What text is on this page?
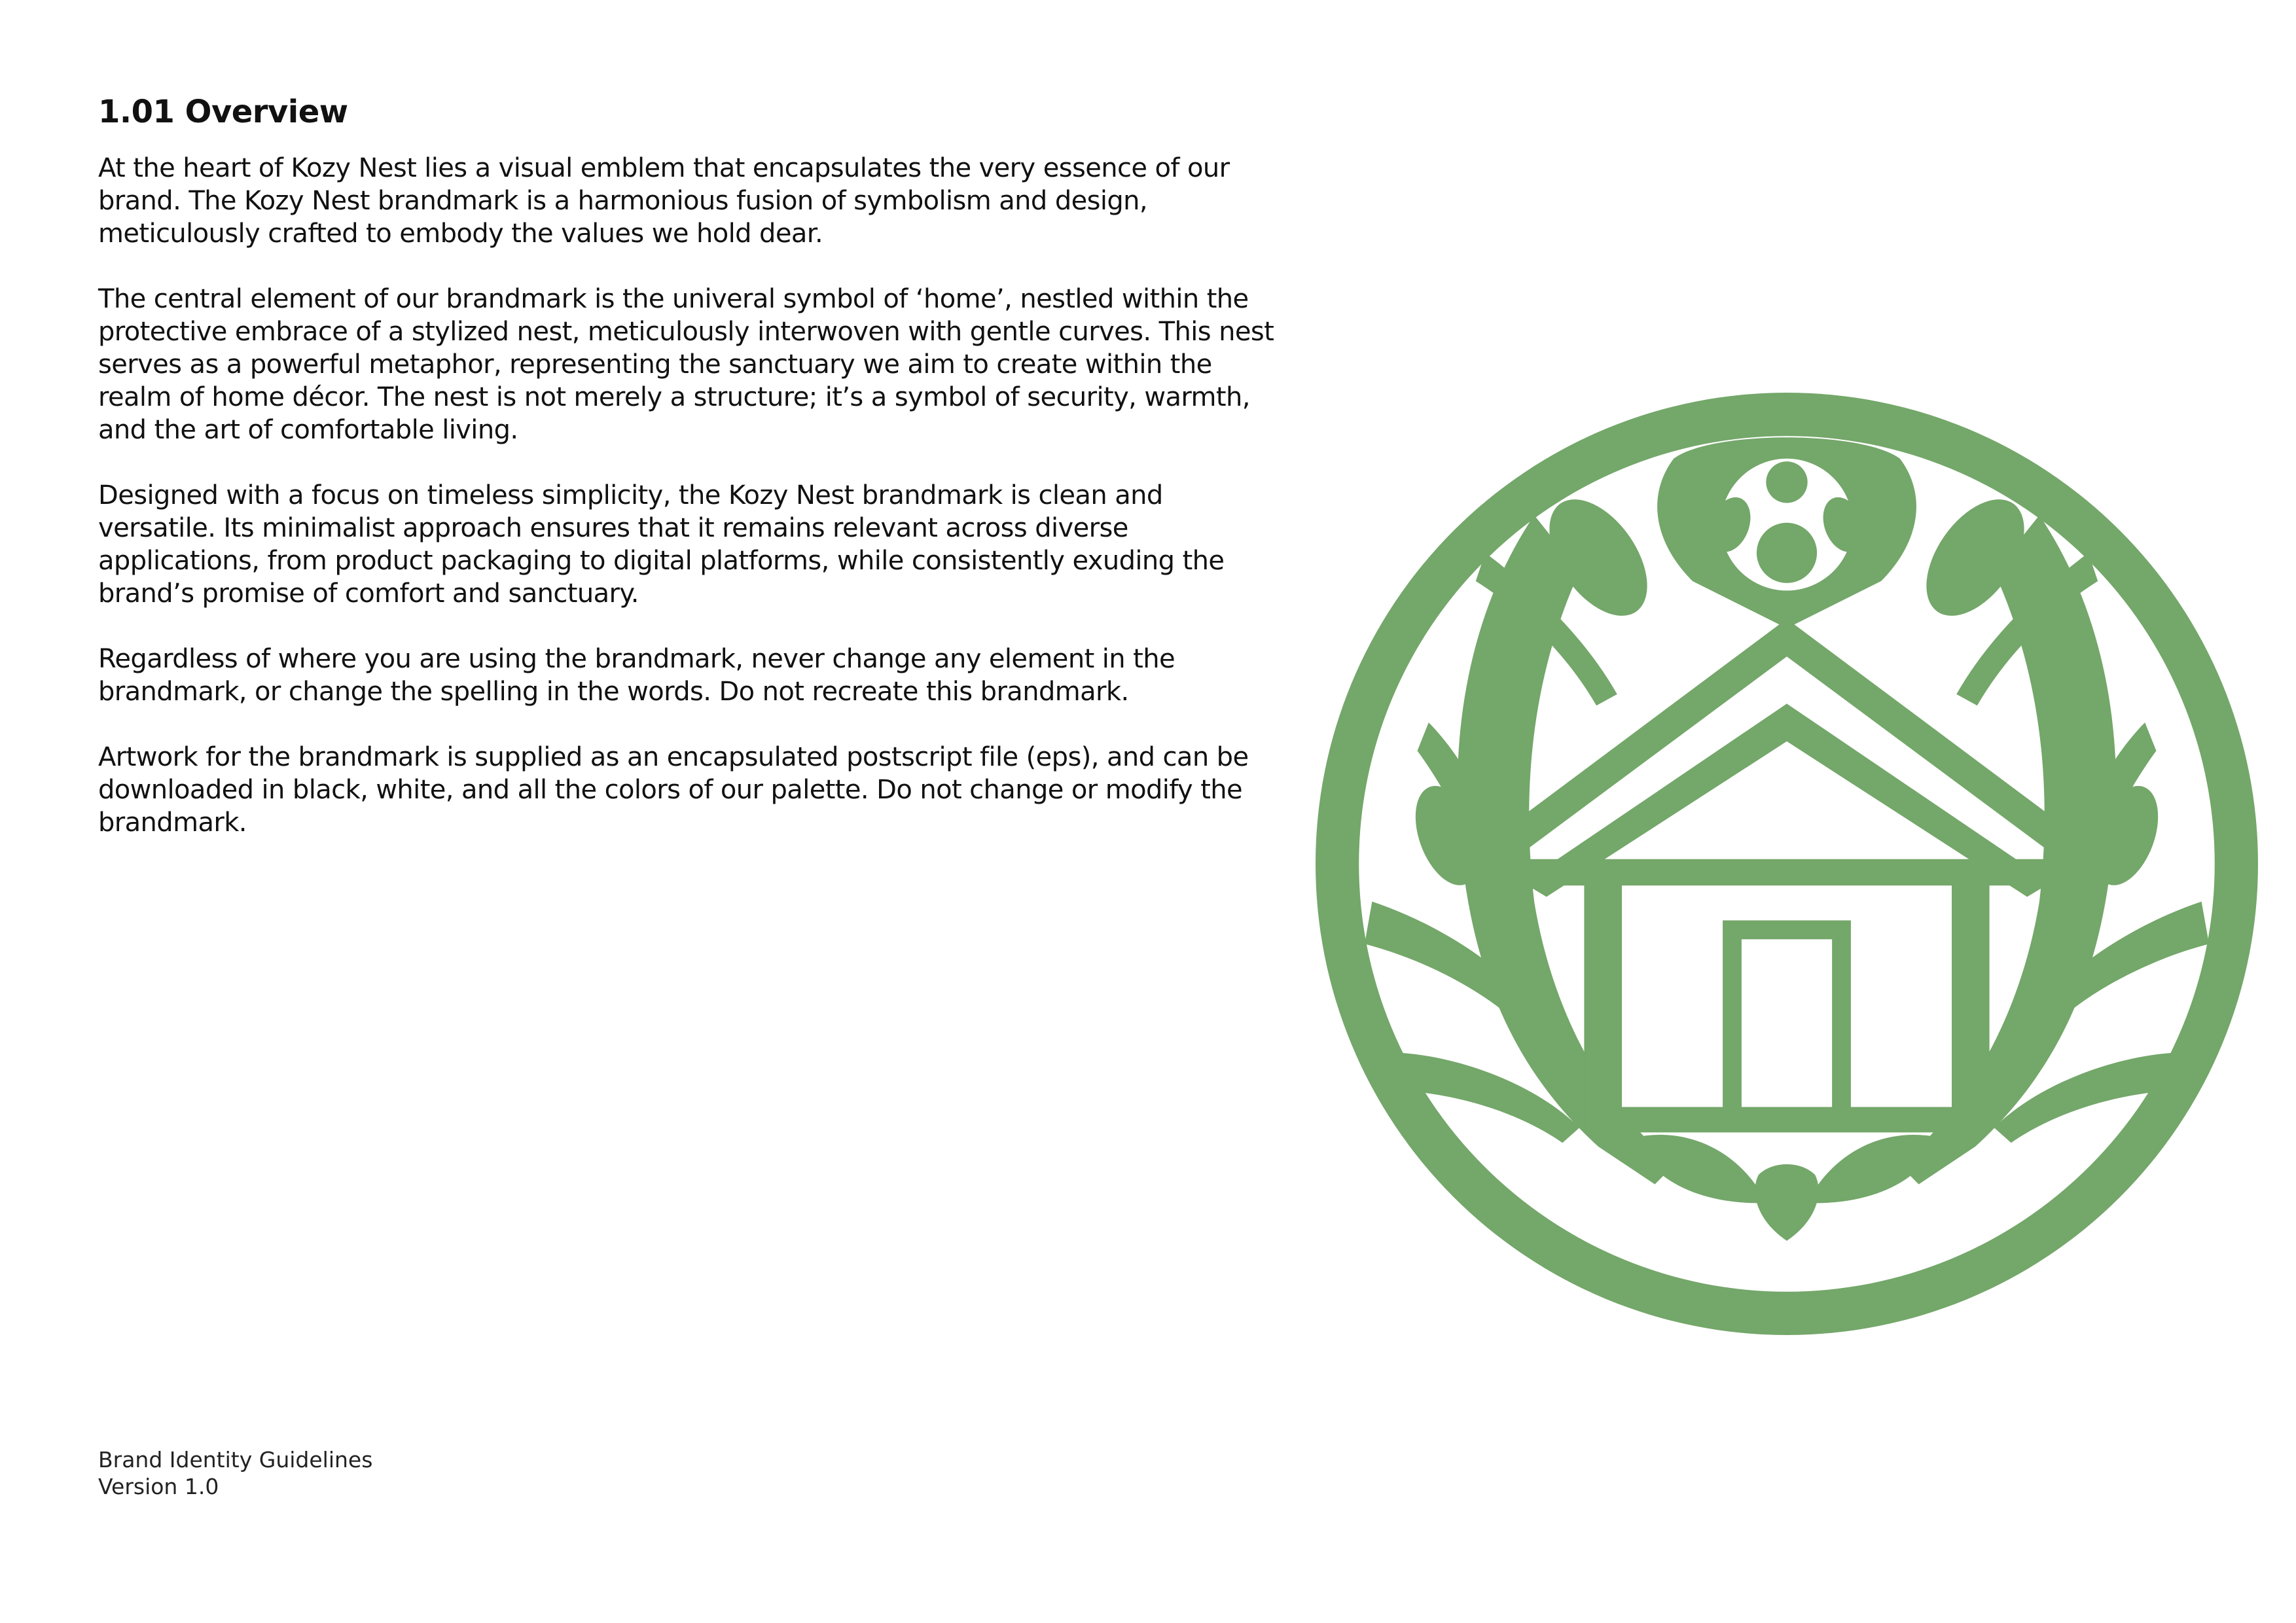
1.01 Overview

At the heart of Kozy Nest lies a visual emblem that encapsulates the very essence of our brand. The Kozy Nest brandmark is a harmonious fusion of symbolism and design, meticulously crafted to embody the values we hold dear.

The central element of our brandmark is the univeral symbol of ‘home’, nestled within the protective embrace of a stylized nest, meticulously interwoven with gentle curves. This nest serves as a powerful metaphor, representing the sanctuary we aim to create within the realm of home décor. The nest is not merely a structure; it’s a symbol of security, warmth, and the art of comfortable living.

Designed with a focus on timeless simplicity, the Kozy Nest brandmark is clean and versatile. Its minimalist approach ensures that it remains relevant across diverse applications, from product packaging to digital platforms, while consistently exuding the brand’s promise of comfort and sanctuary.

Regardless of where you are using the brandmark, never change any element in the brandmark, or change the spelling in the words. Do not recreate this brandmark.

Artwork for the brandmark is supplied as an encapsulated postscript file (eps), and can be downloaded in black, white, and all the colors of our palette. Do not change or modify the brandmark.

Brand Identity Guidelines
Version 1.0
